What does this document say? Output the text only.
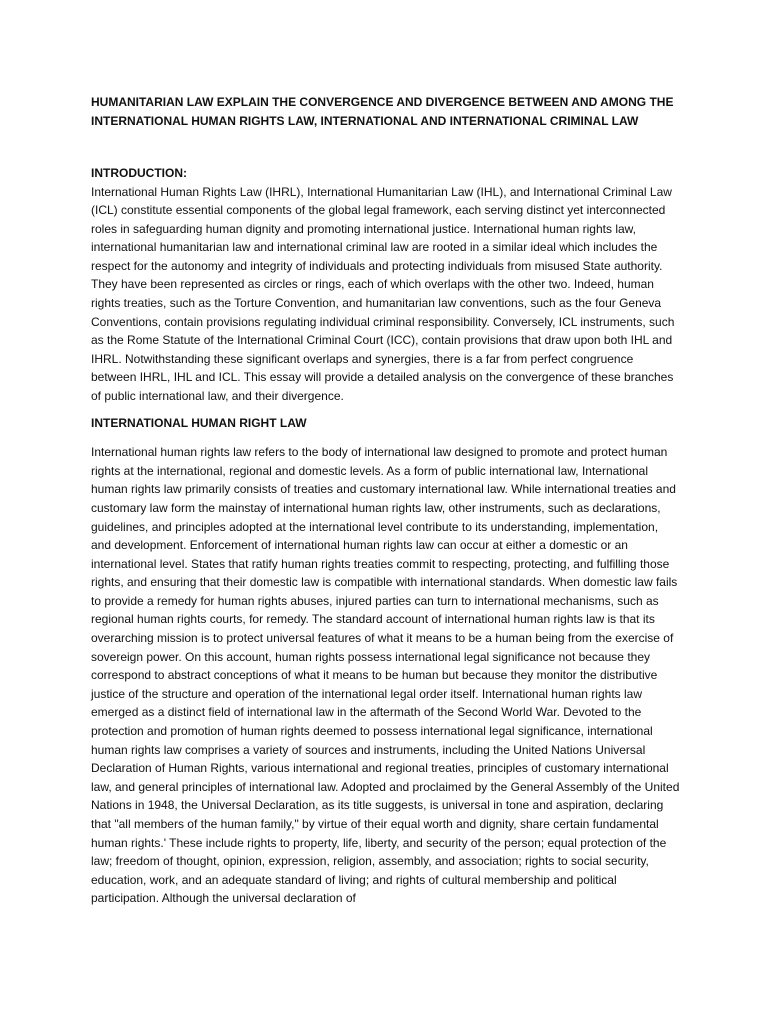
HUMANITARIAN LAW EXPLAIN THE CONVERGENCE AND DIVERGENCE BETWEEN AND AMONG THE INTERNATIONAL HUMAN RIGHTS LAW, INTERNATIONAL AND INTERNATIONAL CRIMINAL LAW

INTRODUCTION:

International Human Rights Law (IHRL), International Humanitarian Law (IHL), and International Criminal Law (ICL) constitute essential components of the global legal framework, each serving distinct yet interconnected roles in safeguarding human dignity and promoting international justice. International human rights law, international humanitarian law and international criminal law are rooted in a similar ideal which includes the respect for the autonomy and integrity of individuals and protecting individuals from misused State authority. They have been represented as circles or rings, each of which overlaps with the other two. Indeed, human rights treaties, such as the Torture Convention, and humanitarian law conventions, such as the four Geneva Conventions, contain provisions regulating individual criminal responsibility. Conversely, ICL instruments, such as the Rome Statute of the International Criminal Court (ICC), contain provisions that draw upon both IHL and IHRL. Notwithstanding these significant overlaps and synergies, there is a far from perfect congruence between IHRL, IHL and ICL. This essay will provide a detailed analysis on the convergence of these branches of public international law, and their divergence.

INTERNATIONAL HUMAN RIGHT LAW

International human rights law refers to the body of international law designed to promote and protect human rights at the international, regional and domestic levels. As a form of public international law, International human rights law primarily consists of treaties and customary international law. While international treaties and customary law form the mainstay of international human rights law, other instruments, such as declarations, guidelines, and principles adopted at the international level contribute to its understanding, implementation, and development. Enforcement of international human rights law can occur at either a domestic or an international level. States that ratify human rights treaties commit to respecting, protecting, and fulfilling those rights, and ensuring that their domestic law is compatible with international standards. When domestic law fails to provide a remedy for human rights abuses, injured parties can turn to international mechanisms, such as regional human rights courts, for remedy. The standard account of international human rights law is that its overarching mission is to protect universal features of what it means to be a human being from the exercise of sovereign power. On this account, human rights possess international legal significance not because they correspond to abstract conceptions of what it means to be human but because they monitor the distributive justice of the structure and operation of the international legal order itself. International human rights law emerged as a distinct field of international law in the aftermath of the Second World War. Devoted to the protection and promotion of human rights deemed to possess international legal significance, international human rights law comprises a variety of sources and instruments, including the United Nations Universal Declaration of Human Rights, various international and regional treaties, principles of customary international law, and general principles of international law. Adopted and proclaimed by the General Assembly of the United Nations in 1948, the Universal Declaration, as its title suggests, is universal in tone and aspiration, declaring that "all members of the human family," by virtue of their equal worth and dignity, share certain fundamental human rights.' These include rights to property, life, liberty, and security of the person; equal protection of the law; freedom of thought, opinion, expression, religion, assembly, and association; rights to social security, education, work, and an adequate standard of living; and rights of cultural membership and political participation. Although the universal declaration of
